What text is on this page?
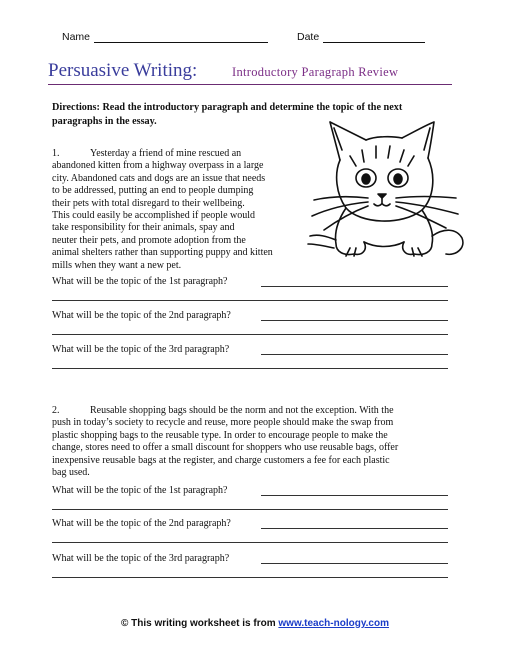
Name	Date
Persuasive Writing:	Introductory Paragraph Review
Directions: Read the introductory paragraph and determine the topic of the next paragraphs in the essay.
1.	Yesterday a friend of mine rescued an
abandoned kitten from a highway overpass in a large
city. Abandoned cats and dogs are an issue that needs
to be addressed, putting an end to people dumping
their pets with total disregard to their wellbeing.
This could easily be accomplished if people would
take responsibility for their animals, spay and
neuter their pets, and promote adoption from the
animal shelters rather than supporting puppy and kitten
mills when they want a new pet.
What will be the topic of the 1st paragraph?
What will be the topic of the 2nd paragraph?
What will be the topic of the 3rd paragraph?
2.	Reusable shopping bags should be the norm and not the exception. With the
push in today’s society to recycle and reuse, more people should make the swap from
plastic shopping bags to the reusable type. In order to encourage people to make the
change, stores need to offer a small discount for shoppers who use reusable bags, offer
inexpensive reusable bags at the register, and charge customers a fee for each plastic
bag used.
What will be the topic of the 1st paragraph?
What will be the topic of the 2nd paragraph?
What will be the topic of the 3rd paragraph?
© This writing worksheet is from www.teach-nology.com
